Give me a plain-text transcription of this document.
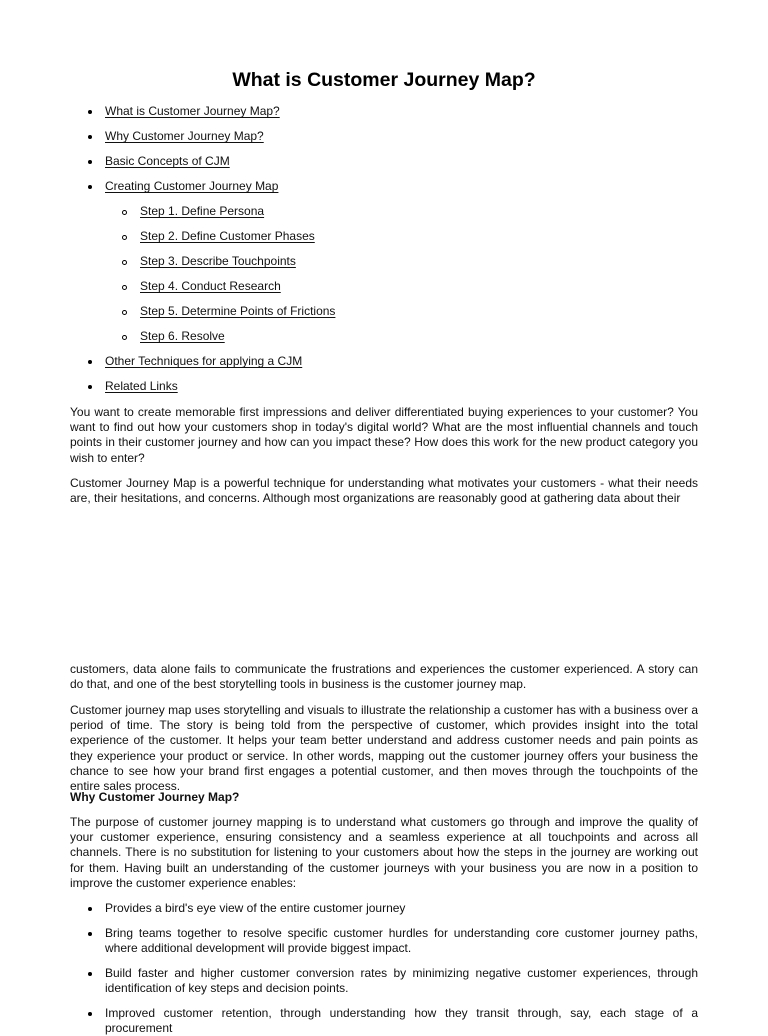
What is Customer Journey Map?
What is Customer Journey Map?
Why Customer Journey Map?
Basic Concepts of CJM
Creating Customer Journey Map
Step 1. Define Persona
Step 2. Define Customer Phases
Step 3. Describe Touchpoints
Step 4. Conduct Research
Step 5. Determine Points of Frictions
Step 6. Resolve
Other Techniques for applying a CJM
Related Links

You want to create memorable first impressions and deliver differentiated buying experiences to your customer? You want to find out how your customers shop in today's digital world? What are the most influential channels and touch points in their customer journey and how can you impact these? How does this work for the new product category you wish to enter?

Customer Journey Map is a powerful technique for understanding what motivates your customers - what their needs are, their hesitations, and concerns. Although most organizations are reasonably good at gathering data about their

customers, data alone fails to communicate the frustrations and experiences the customer experienced. A story can do that, and one of the best storytelling tools in business is the customer journey map.

Customer journey map uses storytelling and visuals to illustrate the relationship a customer has with a business over a period of time. The story is being told from the perspective of customer, which provides insight into the total experience of the customer. It helps your team better understand and address customer needs and pain points as they experience your product or service. In other words, mapping out the customer journey offers your business the chance to see how your brand first engages a potential customer, and then moves through the touchpoints of the entire sales process.

Why Customer Journey Map?

The purpose of customer journey mapping is to understand what customers go through and improve the quality of your customer experience, ensuring consistency and a seamless experience at all touchpoints and across all channels. There is no substitution for listening to your customers about how the steps in the journey are working out for them. Having built an understanding of the customer journeys with your business you are now in a position to improve the customer experience enables:

Provides a bird's eye view of the entire customer journey
Bring teams together to resolve specific customer hurdles for understanding core customer journey paths, where additional development will provide biggest impact.
Build faster and higher customer conversion rates by minimizing negative customer experiences, through identification of key steps and decision points.
Improved customer retention, through understanding how they transit through, say, each stage of a procurement
